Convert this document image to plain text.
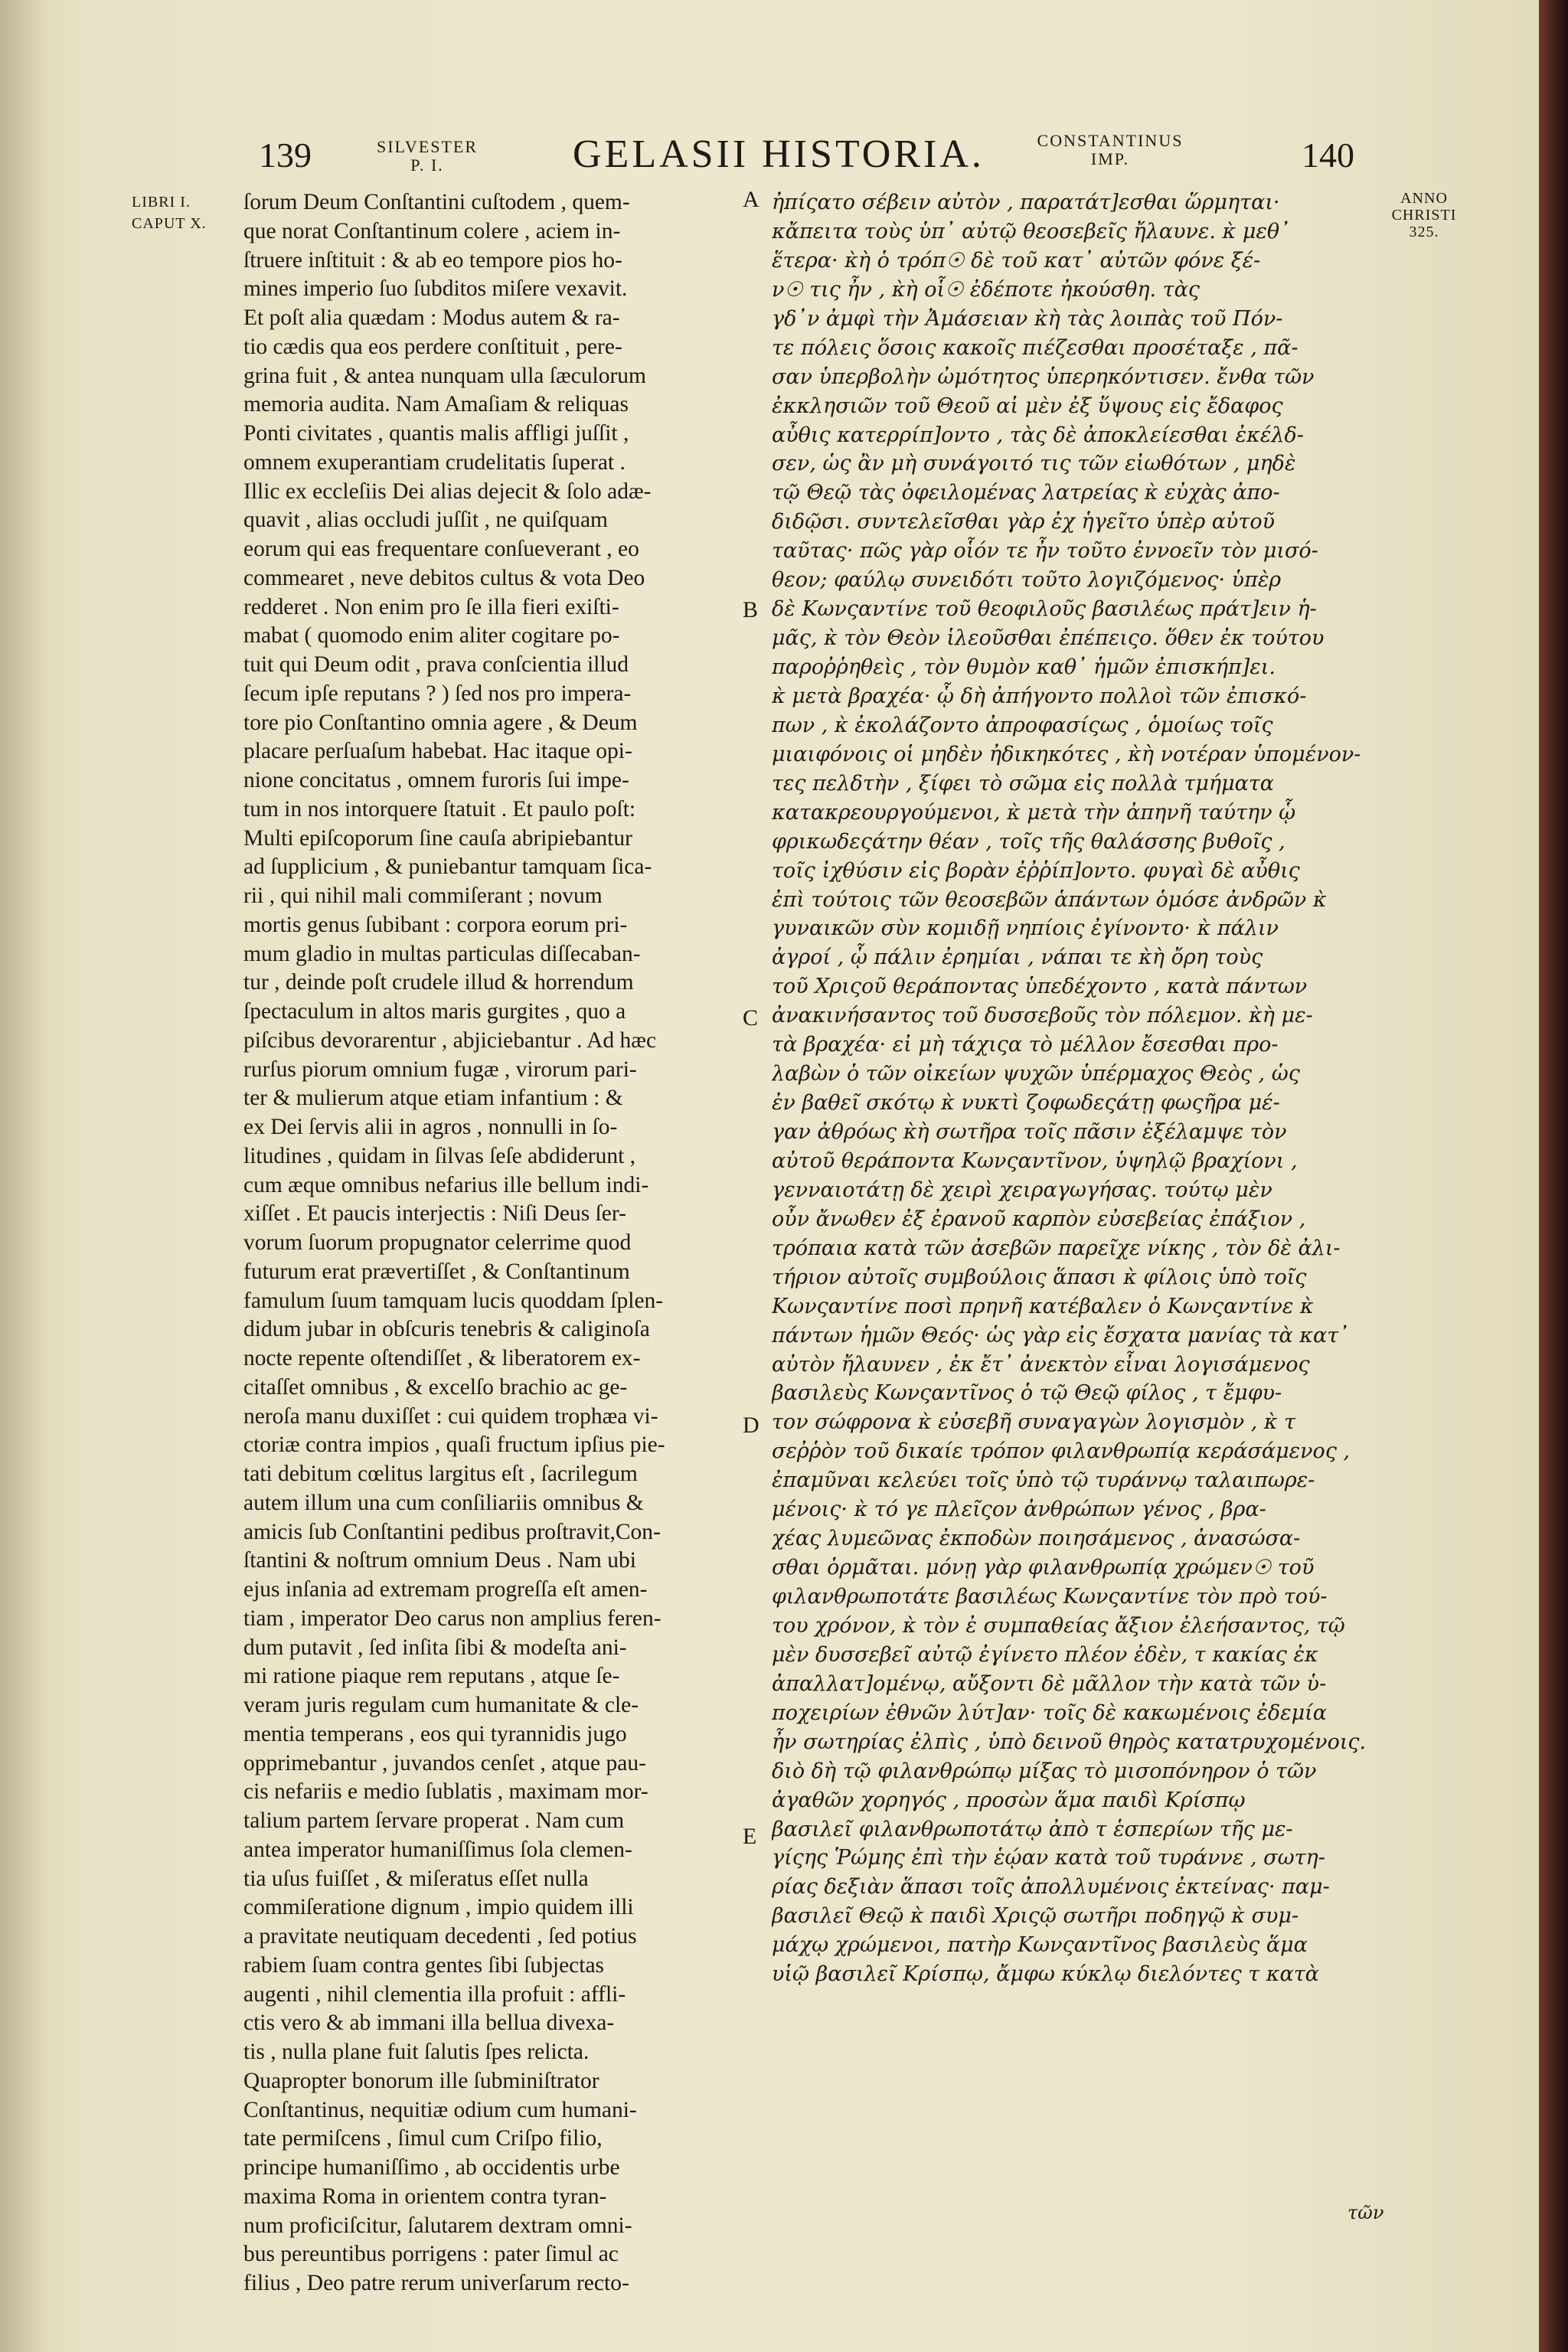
139	SILVESTER
P. I.	GELASII HISTORIA.	CONSTANTINUS
IMP.	140
LIBRI I.
CAPUT X.
ANNO
CHRISTI
325.
ſorum Deum Conſtantini cuſtodem , quem-
que norat Conſtantinum colere , aciem in-
ſtruere inſtituit : & ab eo tempore pios ho-
mines imperio ſuo ſubditos miſere vexavit.
Et poſt alia quædam : Modus autem & ra-
tio cædis qua eos perdere conſtituit , pere-
grina fuit , & antea nunquam ulla ſæculorum
memoria audita. Nam Amaſiam & reliquas
Ponti civitates , quantis malis affligi juſſit ,
omnem exuperantiam crudelitatis ſuperat .
Illic ex eccleſiis Dei alias dejecit & ſolo adæ-
quavit , alias occludi juſſit , ne quiſquam
eorum qui eas frequentare conſueverant , eo
commearet , neve debitos cultus & vota Deo
redderet . Non enim pro ſe illa fieri exiſti-
mabat ( quomodo enim aliter cogitare po-
tuit qui Deum odit , prava conſcientia illud
ſecum ipſe reputans ? ) ſed nos pro impera-
tore pio Conſtantino omnia agere , & Deum
placare perſuaſum habebat. Hac itaque opi-
nione concitatus , omnem furoris ſui impe-
tum in nos intorquere ſtatuit . Et paulo poſt:
Multi epiſcoporum ſine cauſa abripiebantur
ad ſupplicium , & puniebantur tamquam ſica-
rii , qui nihil mali commiſerant ; novum
mortis genus ſubibant : corpora eorum pri-
mum gladio in multas particulas diſſecaban-
tur , deinde poſt crudele illud & horrendum
ſpectaculum in altos maris gurgites , quo a
piſcibus devorarentur , abjiciebantur . Ad hæc
rurſus piorum omnium fugæ , virorum pari-
ter & mulierum atque etiam infantium : &
ex Dei ſervis alii in agros , nonnulli in ſo-
litudines , quidam in ſilvas ſeſe abdiderunt ,
cum æque omnibus nefarius ille bellum indi-
xiſſet . Et paucis interjectis : Niſi Deus ſer-
vorum ſuorum propugnator celerrime quod
futurum erat prævertiſſet , & Conſtantinum
famulum ſuum tamquam lucis quoddam ſplen-
didum jubar in obſcuris tenebris & caliginoſa
nocte repente oſtendiſſet , & liberatorem ex-
citaſſet omnibus , & excelſo brachio ac ge-
neroſa manu duxiſſet : cui quidem trophæa vi-
ctoriæ contra impios , quaſi fructum ipſius pie-
tati debitum cœlitus largitus eſt , ſacrilegum
autem illum una cum conſiliariis omnibus &
amicis ſub Conſtantini pedibus proſtravit,Con-
ſtantini & noſtrum omnium Deus . Nam ubi
ejus inſania ad extremam progreſſa eſt amen-
tiam , imperator Deo carus non amplius feren-
dum putavit , ſed inſita ſibi & modeſta ani-
mi ratione piaque rem reputans , atque ſe-
veram juris regulam cum humanitate & cle-
mentia temperans , eos qui tyrannidis jugo
opprimebantur , juvandos cenſet , atque pau-
cis nefariis e medio ſublatis , maximam mor-
talium partem ſervare properat . Nam cum
antea imperator humaniſſimus ſola clemen-
tia uſus fuiſſet , & miſeratus eſſet nulla
commiſeratione dignum , impio quidem illi
a pravitate neutiquam decedenti , ſed potius
rabiem ſuam contra gentes ſibi ſubjectas
augenti , nihil clementia illa profuit : affli-
ctis vero & ab immani illa bellua divexa-
tis , nulla plane fuit ſalutis ſpes relicta.
Quapropter bonorum ille ſubminiſtrator
Conſtantinus, nequitiæ odium cum humani-
tate permiſcens , ſimul cum Criſpo filio,
principe humaniſſimo , ab occidentis urbe
maxima Roma in orientem contra tyran-
num proficiſcitur, ſalutarem dextram omni-
bus pereuntibus porrigens : pater ſimul ac
filius , Deo patre rerum univerſarum recto-
A
B
C
D
E
ἠπίςατο σέβειν αὐτὸν , παρατάτ]εσθαι ὥρμηται·
κἄπειτα τοὺς ὑπ᾽ αὐτῷ θεοσεβεῖς ἤλαυνε. κ̀ μεθ᾽
ἕτερα· κ̀ὴ ὁ τρόπ☉ δὲ τοῦ κατ᾽ αὐτῶν φόνε ξέ-
ν☉ τις ἦν , κ̀ὴ οἷ☉ ἐδέποτε ἠκούσθη. τὰς
γδ᾽ν ἀμφὶ τὴν Ἀμάσειαν κ̀ὴ τὰς λοιπὰς τοῦ Πόν-
τε πόλεις ὅσοις κακοῖς πιέζεσθαι προσέταξε , πᾶ-
σαν ὑπερβολὴν ὠμότητος ὑπερηκόντισεν. ἔνθα τῶν
ἐκκλησιῶν τοῦ Θεοῦ αἱ μὲν ἐξ ὕψους εἰς ἔδαφος
αὖθις κατερρίπ]οντο , τὰς δὲ ἀποκλείεσθαι ἐκέλδ-
σεν, ὡς ἂν μὴ συνάγοιτό τις τῶν εἰωθότων , μηδὲ
τῷ Θεῷ τὰς ὀφειλομένας λατρείας κ̀ εὐχὰς ἀπο-
διδῷσι. συντελεῖσθαι γὰρ ἐχ ἡγεῖτο ὑπὲρ αὐτοῦ
ταῦτας· πῶς γὰρ οἷόν τε ἦν τοῦτο ἐννοεῖν τὸν μισό-
θεον; φαύλῳ συνειδότι τοῦτο λογιζόμενος· ὑπὲρ
δὲ Κωνςαντίνε τοῦ θεοφιλοῦς βασιλέως πράτ]ειν ἡ-
μᾶς, κ̀ τὸν Θεὸν ἱλεοῦσθαι ἐπέπειςο. ὅθεν ἐκ τούτου
παροῤῥηθεὶς , τὸν θυμὸν καθ᾽ ἡμῶν ἐπισκήπ]ει.
κ̀ μετὰ βραχέα· ᾧ δὴ ἀπήγοντο πολλοὶ τῶν ἐπισκό-
πων , κ̀ ἐκολάζοντο ἀπροφασίςως , ὁμοίως τοῖς
μιαιφόνοις οἱ μηδὲν ἠδικηκότες , κ̀ὴ νοτέραν ὑπομένον-
τες πελδτὴν , ξίφει τὸ σῶμα εἰς πολλὰ τμήματα
κατακρεουργούμενοι, κ̀ μετὰ τὴν ἀπηνῆ ταύτην ᾧ
φρικωδεςάτην θέαν , τοῖς τῆς θαλάσσης βυθοῖς ,
τοῖς ἰχθύσιν εἰς βορὰν ἐῤῥίπ]οντο. φυγαὶ δὲ αὖθις
ἐπὶ τούτοις τῶν θεοσεβῶν ἁπάντων ὁμόσε ἀνδρῶν κ̀
γυναικῶν σὺν κομιδῇ νηπίοις ἐγίνοντο· κ̀ πάλιν
ἀγροί , ᾧ πάλιν ἐρημίαι , νάπαι τε κ̀ὴ ὄρη τοὺς
τοῦ Χριςοῦ θεράποντας ὑπεδέχοντο , κατὰ πάντων
ἀνακινήσαντος τοῦ δυσσεβοῦς τὸν πόλεμον. κ̀ὴ με-
τὰ βραχέα· εἰ μὴ τάχιςα τὸ μέλλον ἔσεσθαι προ-
λαβὼν ὁ τῶν οἰκείων ψυχῶν ὑπέρμαχος Θεὸς , ὡς
ἐν βαθεῖ σκότῳ κ̀ νυκτὶ ζοφωδεςάτῃ φωςῆρα μέ-
γαν ἀθρόως κ̀ὴ σωτῆρα τοῖς πᾶσιν ἐξέλαμψε τὸν
αὐτοῦ θεράποντα Κωνςαντῖνον, ὑψηλῷ βραχίονι ,
γενναιοτάτῃ δὲ χειρὶ χειραγωγήσας. τούτῳ μὲν
οὖν ἄνωθεν ἐξ ἐρανοῦ καρπὸν εὐσεβείας ἐπάξιον ,
τρόπαια κατὰ τῶν ἀσεβῶν παρεῖχε νίκης , τὸν δὲ ἀλι-
τήριον αὐτοῖς συμβούλοις ἅπασι κ̀ φίλοις ὑπὸ τοῖς
Κωνςαντίνε ποσὶ πρηνῆ κατέβαλεν ὁ Κωνςαντίνε κ̀
πάντων ἡμῶν Θεός· ὡς γὰρ εἰς ἔσχατα μανίας τὰ κατ᾽
αὐτὸν ἤλαυνεν , ἐκ ἔτ᾽ ἀνεκτὸν εἶναι λογισάμενος
βασιλεὺς Κωνςαντῖνος ὁ τῷ Θεῷ φίλος , τ ἔμφυ-
τον σώφρονα κ̀ εὐσεβῆ συναγαγὼν λογισμὸν , κ̀ τ
σεῤῥὸν τοῦ δικαίε τρόπον φιλανθρωπίᾳ κεράσάμενος ,
ἐπαμῦναι κελεύει τοῖς ὑπὸ τῷ τυράννῳ ταλαιπωρε-
μένοις· κ̀ τό γε πλεῖςον ἀνθρώπων γένος , βρα-
χέας λυμεῶνας ἐκποδὼν ποιησάμενος , ἀνασώσα-
σθαι ὁρμᾶται. μόνῃ γὰρ φιλανθρωπίᾳ χρώμεν☉ τοῦ
φιλανθρωποτάτε βασιλέως Κωνςαντίνε τὸν πρὸ τού-
του χρόνον, κ̀ τὸν ἐ συμπαθείας ἄξιον ἐλεήσαντος, τῷ
μὲν δυσσεβεῖ αὐτῷ ἐγίνετο πλέον ἐδὲν, τ κακίας ἐκ
ἀπαλλατ]ομένῳ, αὔξοντι δὲ μᾶλλον τὴν κατὰ τῶν ὑ-
ποχειρίων ἐθνῶν λύτ]αν· τοῖς δὲ κακωμένοις ἐδεμία
ἦν σωτηρίας ἐλπὶς , ὑπὸ δεινοῦ θηρὸς κατατρυχομένοις.
διὸ δὴ τῷ φιλανθρώπῳ μίξας τὸ μισοπόνηρον ὁ τῶν
ἀγαθῶν χορηγός , προσὼν ἅμα παιδὶ Κρίσπῳ
βασιλεῖ φιλανθρωποτάτῳ ἀπὸ τ ἑσπερίων τῆς με-
γίςης Ῥώμης ἐπὶ τὴν ἑῴαν κατὰ τοῦ τυράννε , σωτη-
ρίας δεξιὰν ἅπασι τοῖς ἀπολλυμένοις ἐκτείνας· παμ-
βασιλεῖ Θεῷ κ̀ παιδὶ Χριςῷ σωτῆρι ποδηγῷ κ̀ συμ-
μάχῳ χρώμενοι, πατὴρ Κωνςαντῖνος βασιλεὺς ἅμα
υἱῷ βασιλεῖ Κρίσπῳ, ἄμφω κύκλῳ διελόντες τ κατὰ
τῶν
